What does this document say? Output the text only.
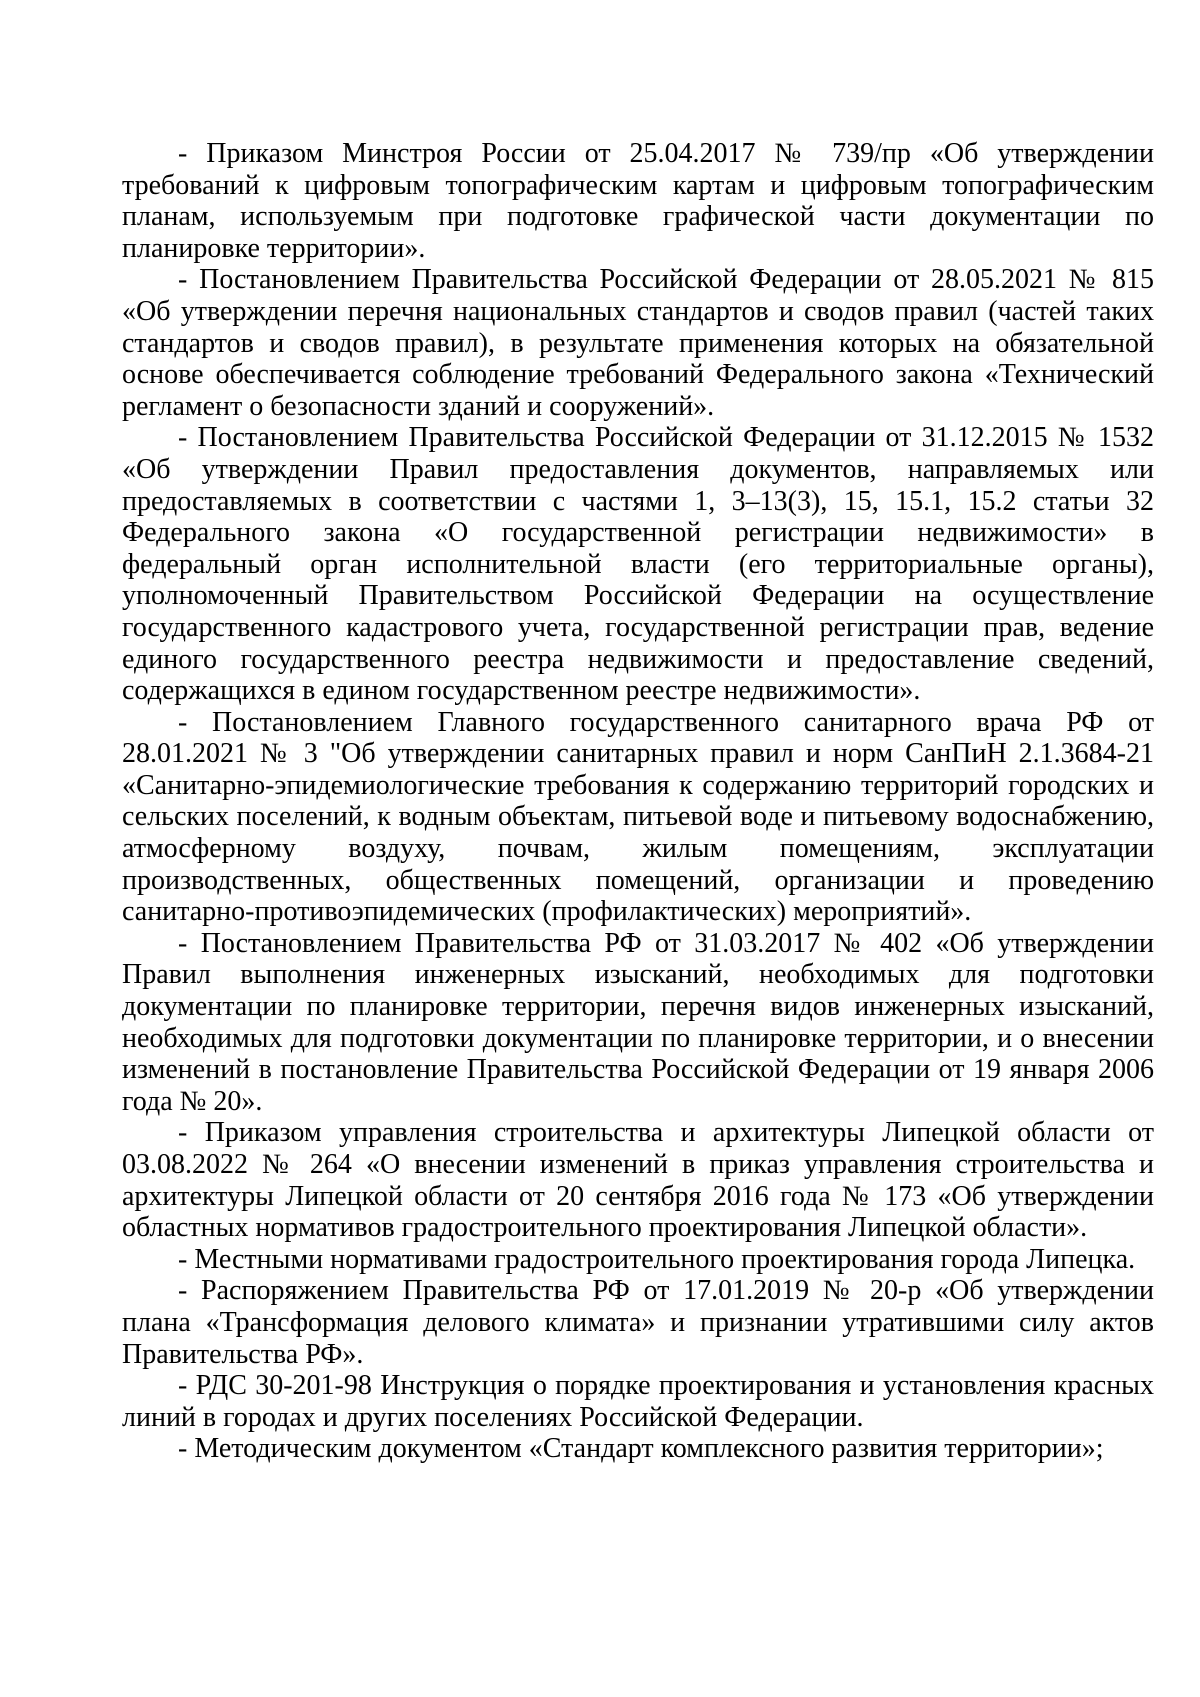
- Приказом Минстроя России от 25.04.2017 № 739/пр «Об утверждении требований к цифровым топографическим картам и цифровым топографическим планам, используемым при подготовке графической части документации по планировке территории».

- Постановлением Правительства Российской Федерации от 28.05.2021 № 815 «Об утверждении перечня национальных стандартов и сводов правил (частей таких стандартов и сводов правил), в результате применения которых на обязательной основе обеспечивается соблюдение требований Федерального закона «Технический регламент о безопасности зданий и сооружений».

- Постановлением Правительства Российской Федерации от 31.12.2015 № 1532 «Об утверждении Правил предоставления документов, направляемых или предоставляемых в соответствии с частями 1, 3–13(3), 15, 15.1, 15.2 статьи 32 Федерального закона «О государственной регистрации недвижимости» в федеральный орган исполнительной власти (его территориальные органы), уполномоченный Правительством Российской Федерации на осуществление государственного кадастрового учета, государственной регистрации прав, ведение единого государственного реестра недвижимости и предоставление сведений, содержащихся в едином государственном реестре недвижимости».

- Постановлением Главного государственного санитарного врача РФ от 28.01.2021 № 3 "Об утверждении санитарных правил и норм СанПиН 2.1.3684-21 «Санитарно-эпидемиологические требования к содержанию территорий городских и сельских поселений, к водным объектам, питьевой воде и питьевому водоснабжению, атмосферному воздуху, почвам, жилым помещениям, эксплуатации производственных, общественных помещений, организации и проведению санитарно-противоэпидемических (профилактических) мероприятий».

- Постановлением Правительства РФ от 31.03.2017 № 402 «Об утверждении Правил выполнения инженерных изысканий, необходимых для подготовки документации по планировке территории, перечня видов инженерных изысканий, необходимых для подготовки документации по планировке территории, и о внесении изменений в постановление Правительства Российской Федерации от 19 января 2006 года № 20».

- Приказом управления строительства и архитектуры Липецкой области от 03.08.2022 № 264 «О внесении изменений в приказ управления строительства и архитектуры Липецкой области от 20 сентября 2016 года № 173 «Об утверждении областных нормативов градостроительного проектирования Липецкой области».

- Местными нормативами градостроительного проектирования города Липецка.

- Распоряжением Правительства РФ от 17.01.2019 № 20-р «Об утверждении плана «Трансформация делового климата» и признании утратившими силу актов Правительства РФ».

- РДС 30-201-98 Инструкция о порядке проектирования и установления красных линий в городах и других поселениях Российской Федерации.

- Методическим документом «Стандарт комплексного развития территории»;
